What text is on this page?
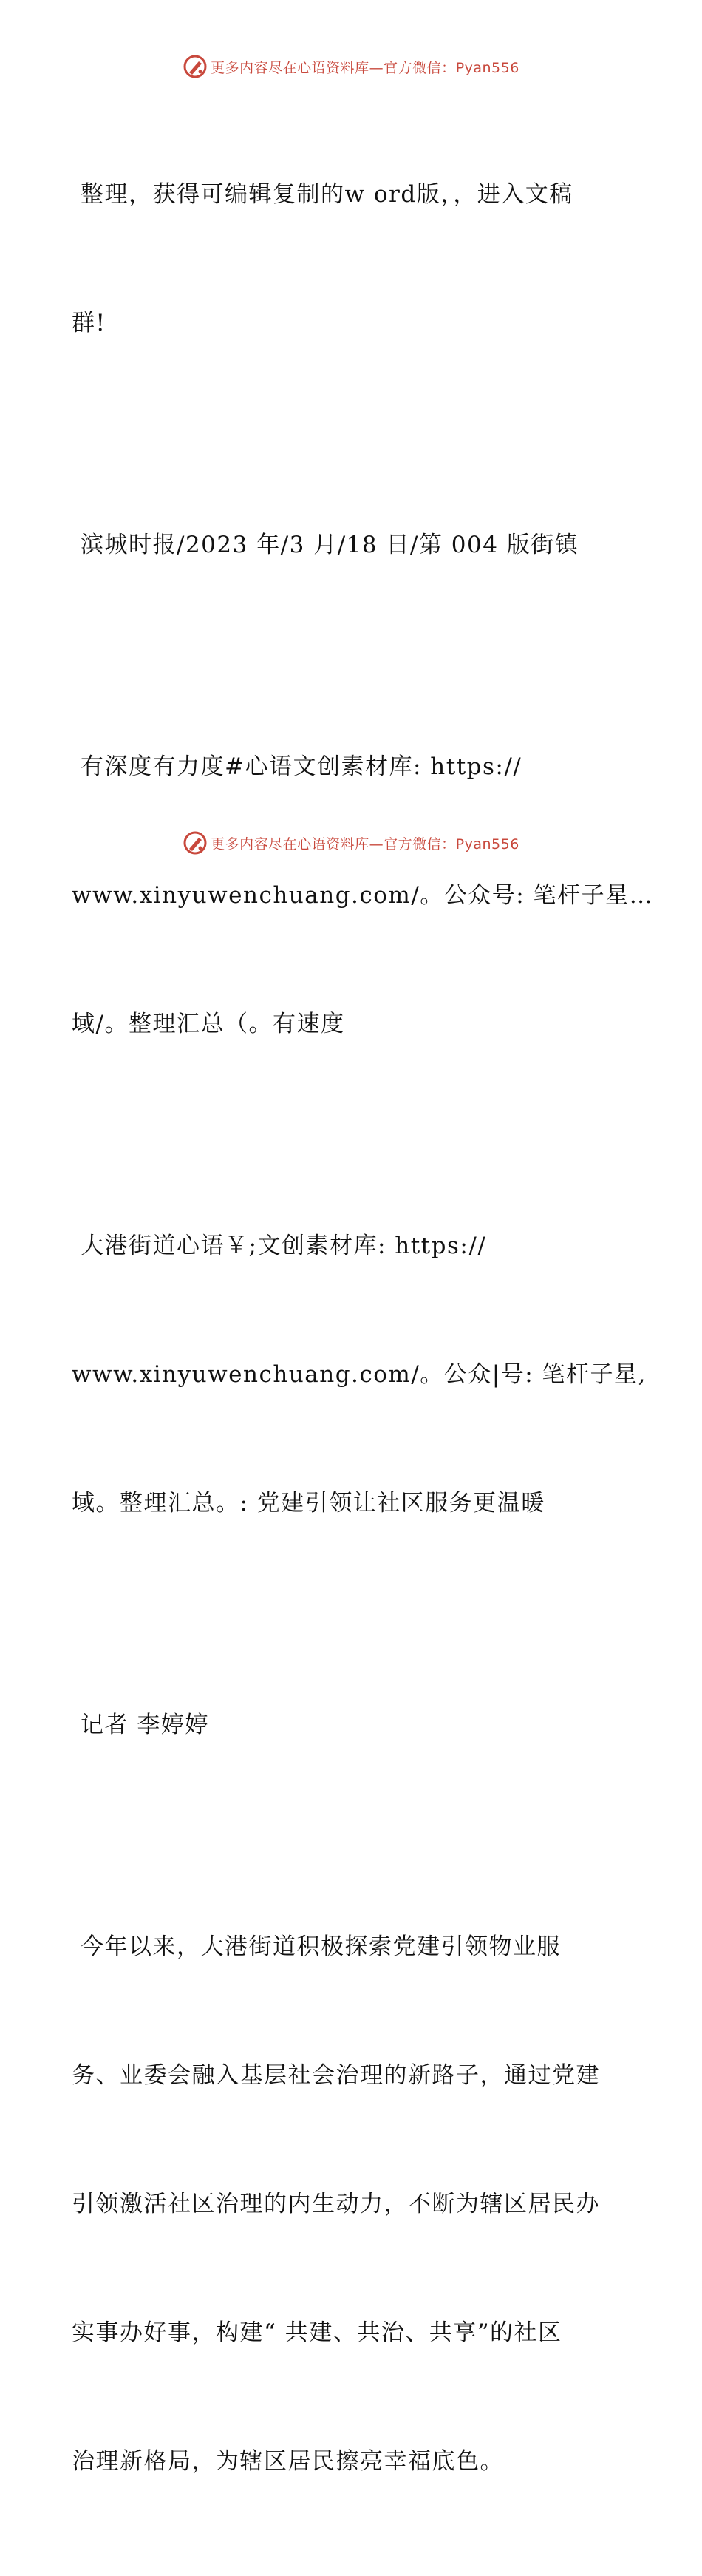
更多内容尽在心语资料库—官方微信：Pyan556

整理，获得可编辑复制的w ord版，，进入文稿

群!

滨城时报/2023 年/3 月/18 日/第 004 版街镇

有深度有力度#心语文创素材库: https://

www.xinyuwenchuang.com/。公众号: 笔杆子星…

域/。整理汇总（。有速度

大港街道心语￥;文创素材库: https://

www.xinyuwenchuang.com/。公众|号: 笔杆子星,

域。整理汇总。: 党建引领让社区服务更温暖

记者 李婷婷

今年以来，大港街道积极探索党建引领物业服

务、业委会融入基层社会治理的新路子，通过党建

引领激活社区治理的内生动力，不断为辖区居民办

实事办好事，构建“ 共建、共治、共享”的社区

治理新格局，为辖区居民擦亮幸福底色。

更多内容尽在心语资料库—官方微信：Pyan556
